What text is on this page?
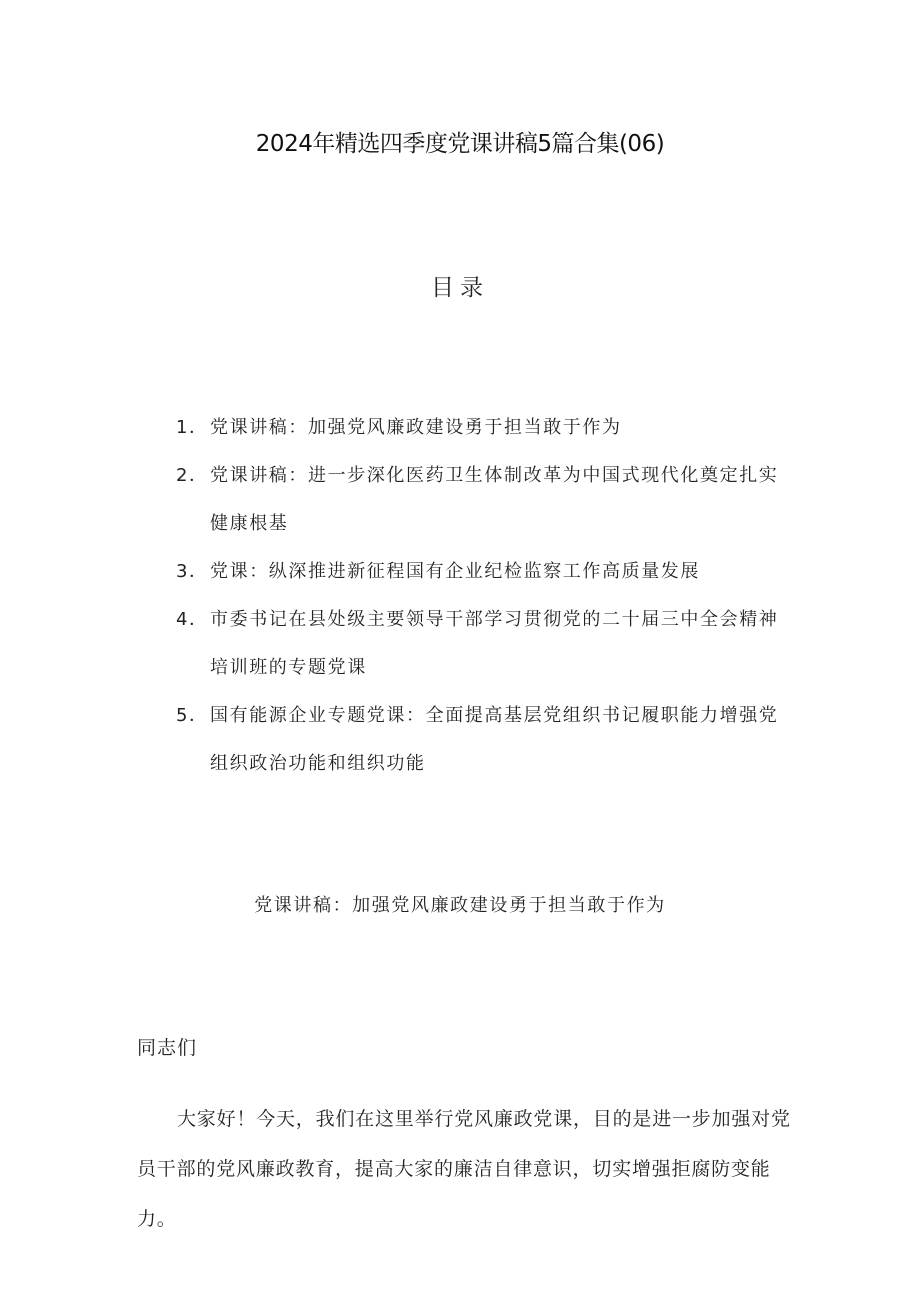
2024年精选四季度党课讲稿5篇合集(06)
目录
1． 党课讲稿：加强党风廉政建设勇于担当敢于作为
2． 党课讲稿：进一步深化医药卫生体制改革为中国式现代化奠定扎实健康根基
3． 党课：纵深推进新征程国有企业纪检监察工作高质量发展
4． 市委书记在县处级主要领导干部学习贯彻党的二十届三中全会精神培训班的专题党课
5． 国有能源企业专题党课：全面提高基层党组织书记履职能力增强党组织政治功能和组织功能
党课讲稿：加强党风廉政建设勇于担当敢于作为
同志们

大家好！今天，我们在这里举行党风廉政党课，目的是进一步加强对党员干部的党风廉政教育，提高大家的廉洁自律意识，切实增强拒腐防变能力。
